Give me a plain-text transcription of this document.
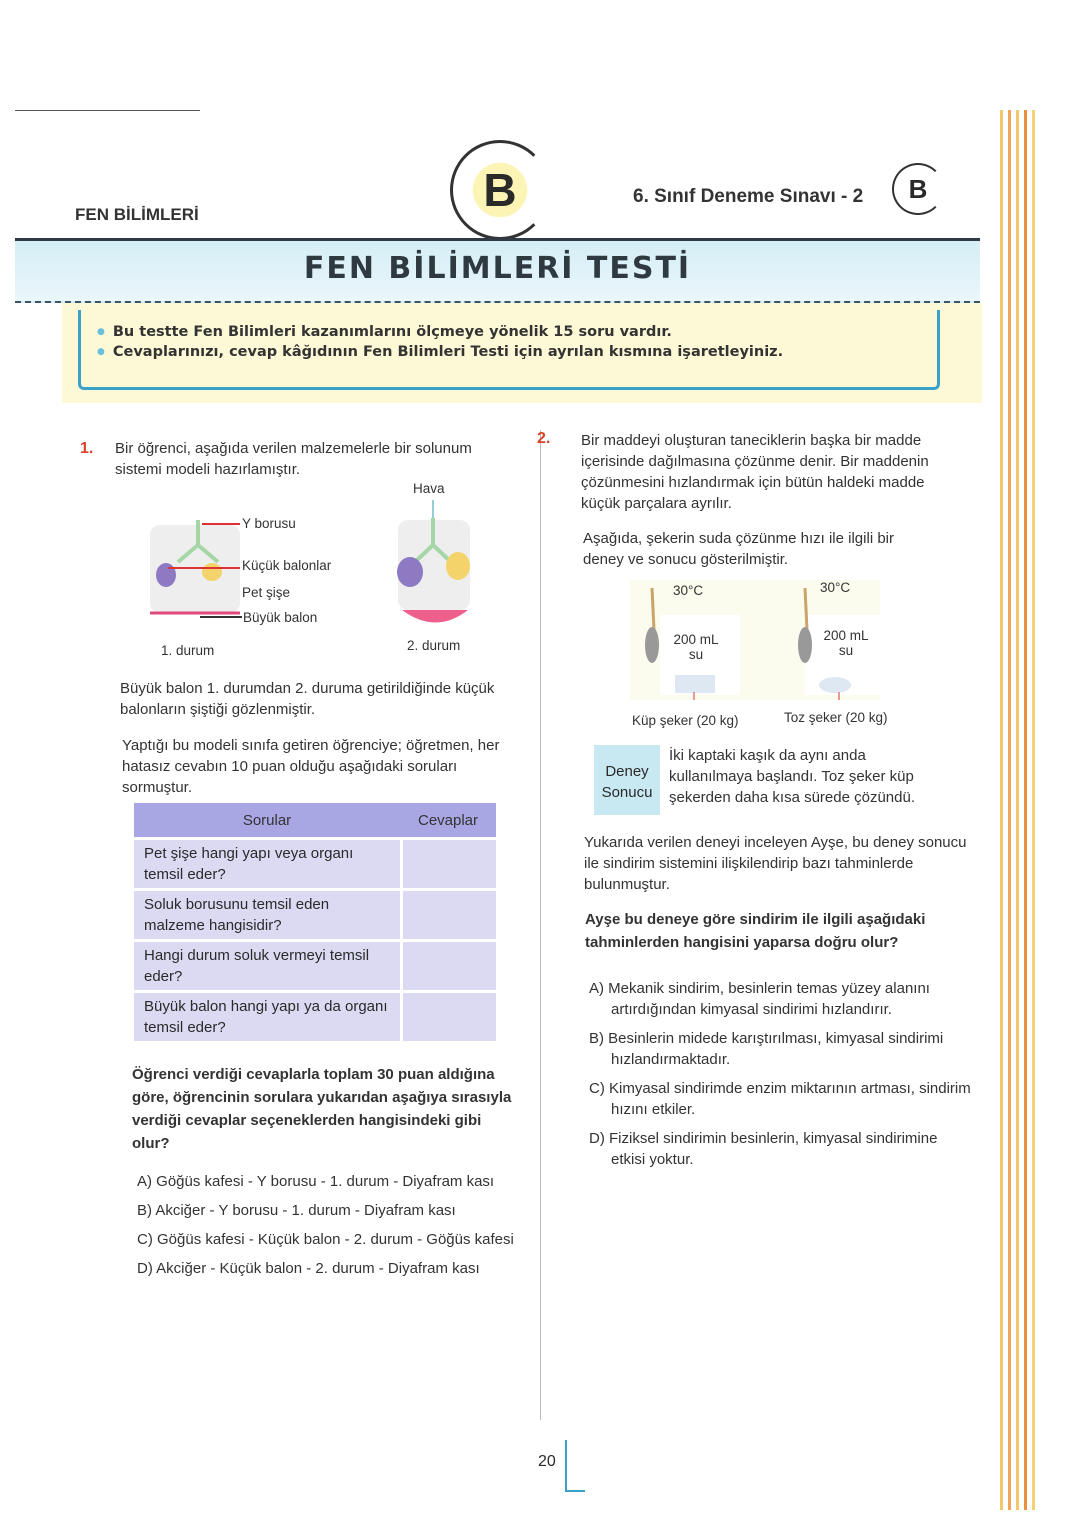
FEN BİLİMLERİ	B	6. Sınıf Deneme Sınavı - 2	B
FEN BİLİMLERİ TESTİ

● Bu testte Fen Bilimleri kazanımlarını ölçmeye yönelik 15 soru vardır.

● Cevaplarınızı, cevap kâğıdının Fen Bilimleri Testi için ayrılan kısmına işaretleyiniz.

1. Bir öğrenci, aşağıda verilen malzemelerle bir solunum sistemi modeli hazırlamıştır.
Hava
Y borusu
Küçük balonlar
Pet şişe
Büyük balon
1. durum	2. durum
Büyük balon 1. durumdan 2. duruma getirildiğinde küçük balonların şiştiği gözlenmiştir.
Yaptığı bu modeli sınıfa getiren öğrenciye; öğretmen, her hatasız cevabın 10 puan olduğu aşağıdaki soruları sormuştur.
Sorular	Cevaplar
Pet şişe hangi yapı veya organı temsil eder?	
Soluk borusunu temsil eden malzeme hangisidir?	
Hangi durum soluk vermeyi temsil eder?	
Büyük balon hangi yapı ya da organı temsil eder?	
Öğrenci verdiği cevaplarla toplam 30 puan aldığına göre, öğrencinin sorulara yukarıdan aşağıya sırasıyla verdiği cevaplar seçeneklerden hangisindeki gibi olur?
A) Göğüs kafesi - Y borusu - 1. durum - Diyafram kası
B) Akciğer - Y borusu - 1. durum - Diyafram kası
C) Göğüs kafesi - Küçük balon - 2. durum - Göğüs kafesi
D) Akciğer - Küçük balon - 2. durum - Diyafram kası
2. Bir maddeyi oluşturan taneciklerin başka bir madde içerisinde dağılmasına çözünme denir. Bir maddenin çözünmesini hızlandırmak için bütün haldeki madde küçük parçalara ayrılır.
Aşağıda, şekerin suda çözünme hızı ile ilgili bir deney ve sonucu gösterilmiştir.
30°C	30°C
200 mL su
200 mL su
Küp şeker (20 kg)	Toz şeker (20 kg)
Deney Sonucu
İki kaptaki kaşık da aynı anda kullanılmaya başlandı. Toz şeker küp şekerden daha kısa sürede çözündü.
Yukarıda verilen deneyi inceleyen Ayşe, bu deney sonucu ile sindirim sistemini ilişkilendirip bazı tahminlerde bulunmuştur.
Ayşe bu deneye göre sindirim ile ilgili aşağıdaki tahminlerden hangisini yaparsa doğru olur?
A) Mekanik sindirim, besinlerin temas yüzey alanını artırdığından kimyasal sindirimi hızlandırır.
B) Besinlerin midede karıştırılması, kimyasal sindirimi hızlandırmaktadır.
C) Kimyasal sindirimde enzim miktarının artması, sindirim hızını etkiler.
D) Fiziksel sindirimin besinlerin, kimyasal sindirimine etkisi yoktur.
20
